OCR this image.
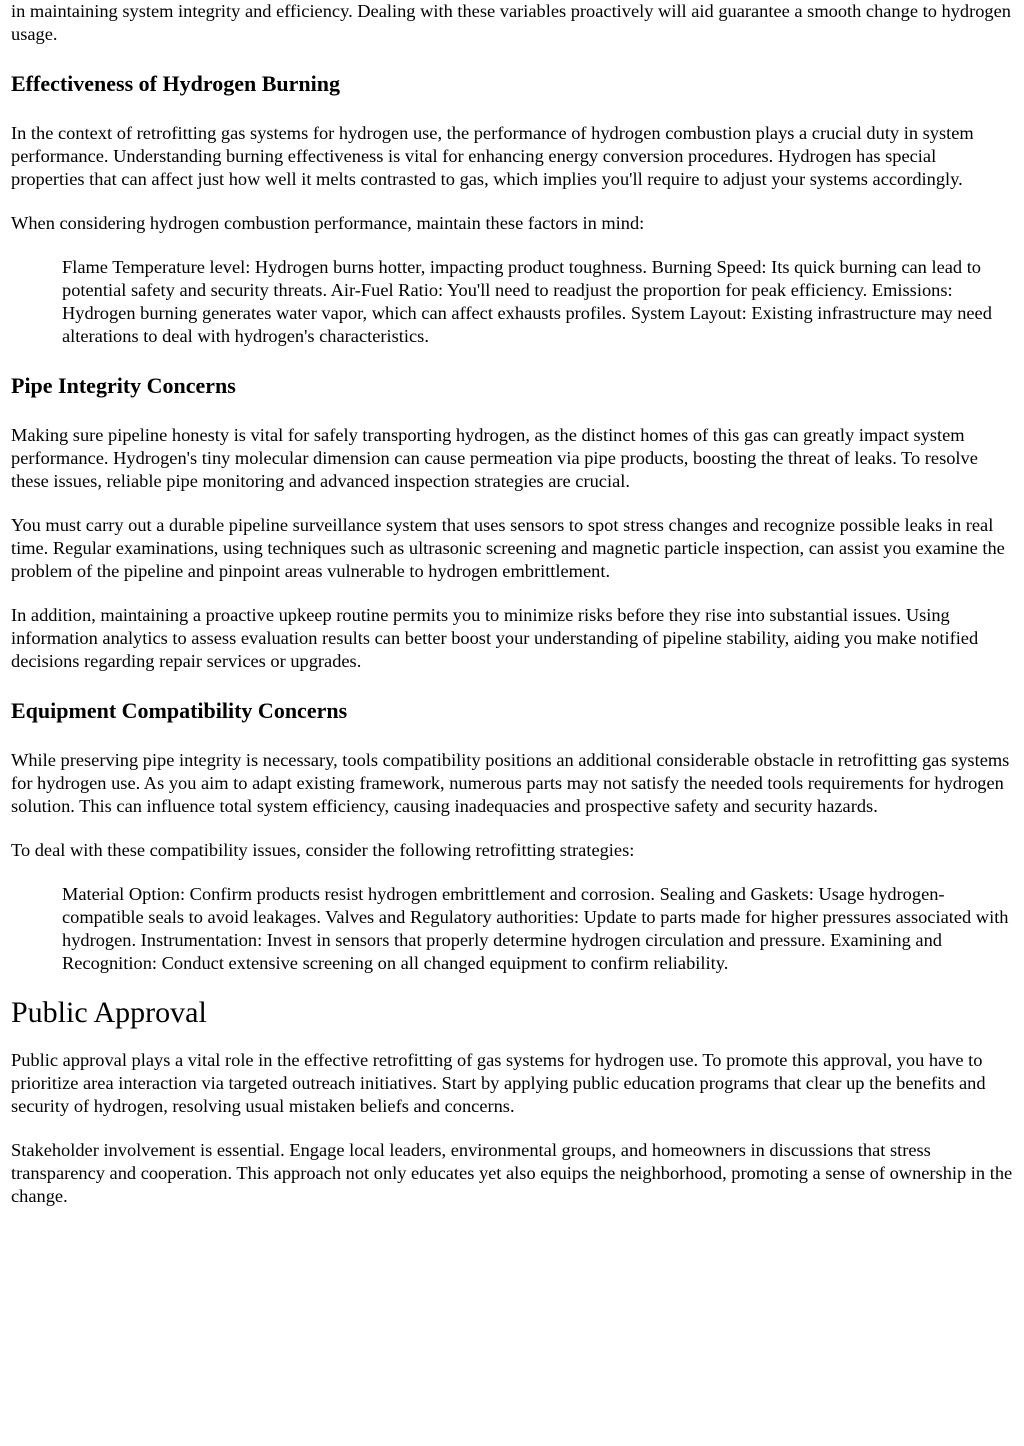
in maintaining system integrity and efficiency. Dealing with these variables proactively will aid guarantee a smooth change to hydrogen usage.

Effectiveness of Hydrogen Burning

In the context of retrofitting gas systems for hydrogen use, the performance of hydrogen combustion plays a crucial duty in system performance. Understanding burning effectiveness is vital for enhancing energy conversion procedures. Hydrogen has special properties that can affect just how well it melts contrasted to gas, which implies you'll require to adjust your systems accordingly.

When considering hydrogen combustion performance, maintain these factors in mind:

Flame Temperature level: Hydrogen burns hotter, impacting product toughness. Burning Speed: Its quick burning can lead to potential safety and security threats. Air-Fuel Ratio: You'll need to readjust the proportion for peak efficiency. Emissions: Hydrogen burning generates water vapor, which can affect exhausts profiles. System Layout: Existing infrastructure may need alterations to deal with hydrogen's characteristics.
Pipe Integrity Concerns

Making sure pipeline honesty is vital for safely transporting hydrogen, as the distinct homes of this gas can greatly impact system performance. Hydrogen's tiny molecular dimension can cause permeation via pipe products, boosting the threat of leaks. To resolve these issues, reliable pipe monitoring and advanced inspection strategies are crucial.

You must carry out a durable pipeline surveillance system that uses sensors to spot stress changes and recognize possible leaks in real time. Regular examinations, using techniques such as ultrasonic screening and magnetic particle inspection, can assist you examine the problem of the pipeline and pinpoint areas vulnerable to hydrogen embrittlement.

In addition, maintaining a proactive upkeep routine permits you to minimize risks before they rise into substantial issues. Using information analytics to assess evaluation results can better boost your understanding of pipeline stability, aiding you make notified decisions regarding repair services or upgrades.

Equipment Compatibility Concerns

While preserving pipe integrity is necessary, tools compatibility positions an additional considerable obstacle in retrofitting gas systems for hydrogen use. As you aim to adapt existing framework, numerous parts may not satisfy the needed tools requirements for hydrogen solution. This can influence total system efficiency, causing inadequacies and prospective safety and security hazards.

To deal with these compatibility issues, consider the following retrofitting strategies:

Material Option: Confirm products resist hydrogen embrittlement and corrosion. Sealing and Gaskets: Usage hydrogen-compatible seals to avoid leakages. Valves and Regulatory authorities: Update to parts made for higher pressures associated with hydrogen. Instrumentation: Invest in sensors that properly determine hydrogen circulation and pressure. Examining and Recognition: Conduct extensive screening on all changed equipment to confirm reliability.
Public Approval

Public approval plays a vital role in the effective retrofitting of gas systems for hydrogen use. To promote this approval, you have to prioritize area interaction via targeted outreach initiatives. Start by applying public education programs that clear up the benefits and security of hydrogen, resolving usual mistaken beliefs and concerns.

Stakeholder involvement is essential. Engage local leaders, environmental groups, and homeowners in discussions that stress transparency and cooperation. This approach not only educates yet also equips the neighborhood, promoting a sense of ownership in the change.
